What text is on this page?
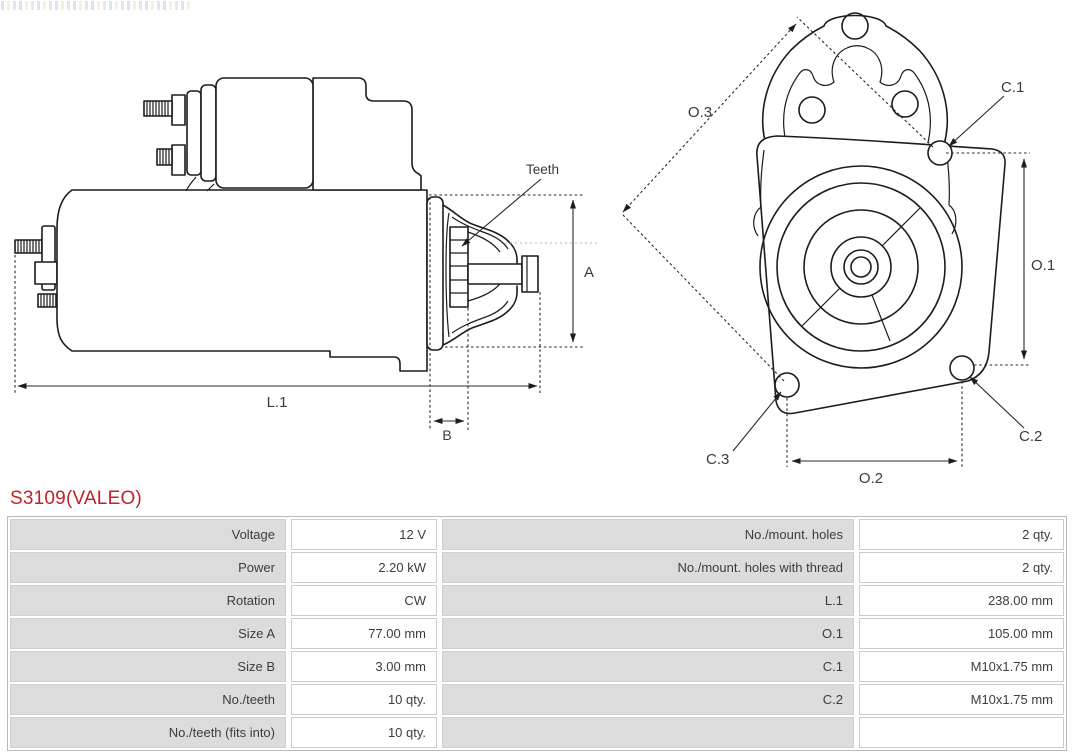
A
B
L.1
Teeth
O.3
C.1
O.1
C.2
C.3
O.2
S3109(VALEO)
Voltage	12 V	No./mount. holes	2 qty.
Power	2.20 kW	No./mount. holes with thread	2 qty.
Rotation	CW	L.1	238.00 mm
Size A	77.00 mm	O.1	105.00 mm
Size B	3.00 mm	C.1	M10x1.75 mm
No./teeth	10 qty.	C.2	M10x1.75 mm
No./teeth (fits into)	10 qty.
